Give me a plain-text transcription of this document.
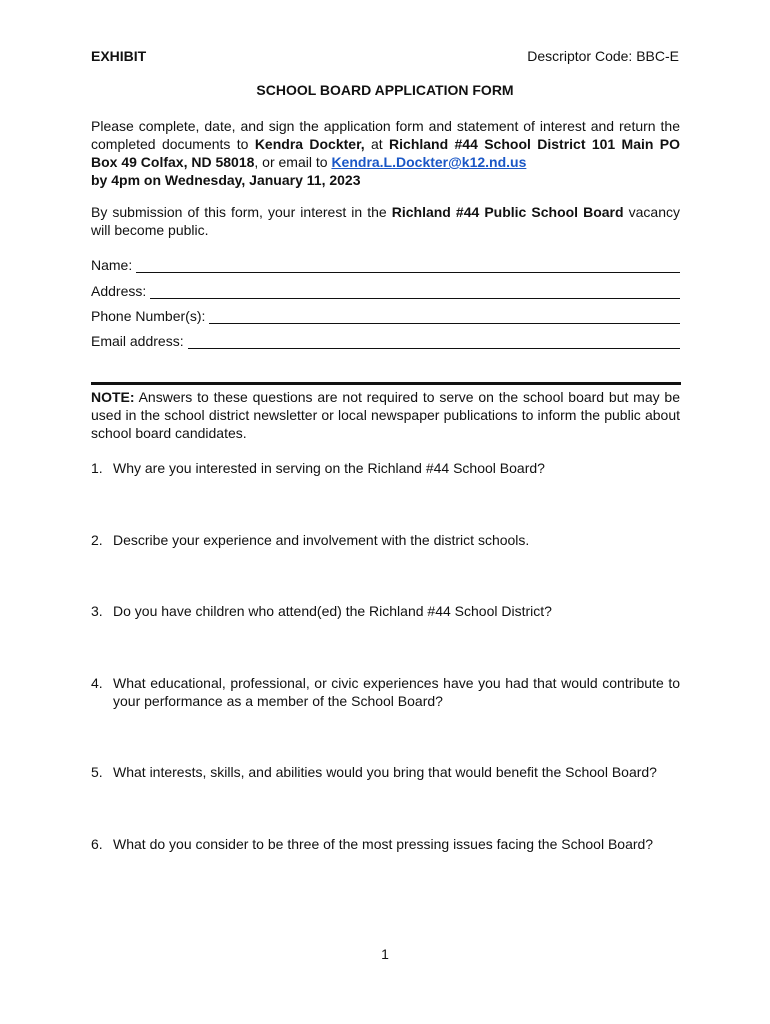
EXHIBIT	Descriptor Code: BBC-E
SCHOOL BOARD APPLICATION FORM
Please complete, date, and sign the application form and statement of interest and return the completed documents to Kendra Dockter, at Richland #44 School District 101 Main PO Box 49 Colfax, ND 58018, or email to Kendra.L.Dockter@k12.nd.us
by 4pm on Wednesday, January 11, 2023
By submission of this form, your interest in the Richland #44 Public School Board vacancy will become public.
Name:
Address:
Phone Number(s):
Email address:
NOTE: Answers to these questions are not required to serve on the school board but may be used in the school district newsletter or local newspaper publications to inform the public about school board candidates.
1. Why are you interested in serving on the Richland #44 School Board?
2. Describe your experience and involvement with the district schools.
3. Do you have children who attend(ed) the Richland #44 School District?
4. What educational, professional, or civic experiences have you had that would contribute to your performance as a member of the School Board?
5. What interests, skills, and abilities would you bring that would benefit the School Board?
6. What do you consider to be three of the most pressing issues facing the School Board?
1
